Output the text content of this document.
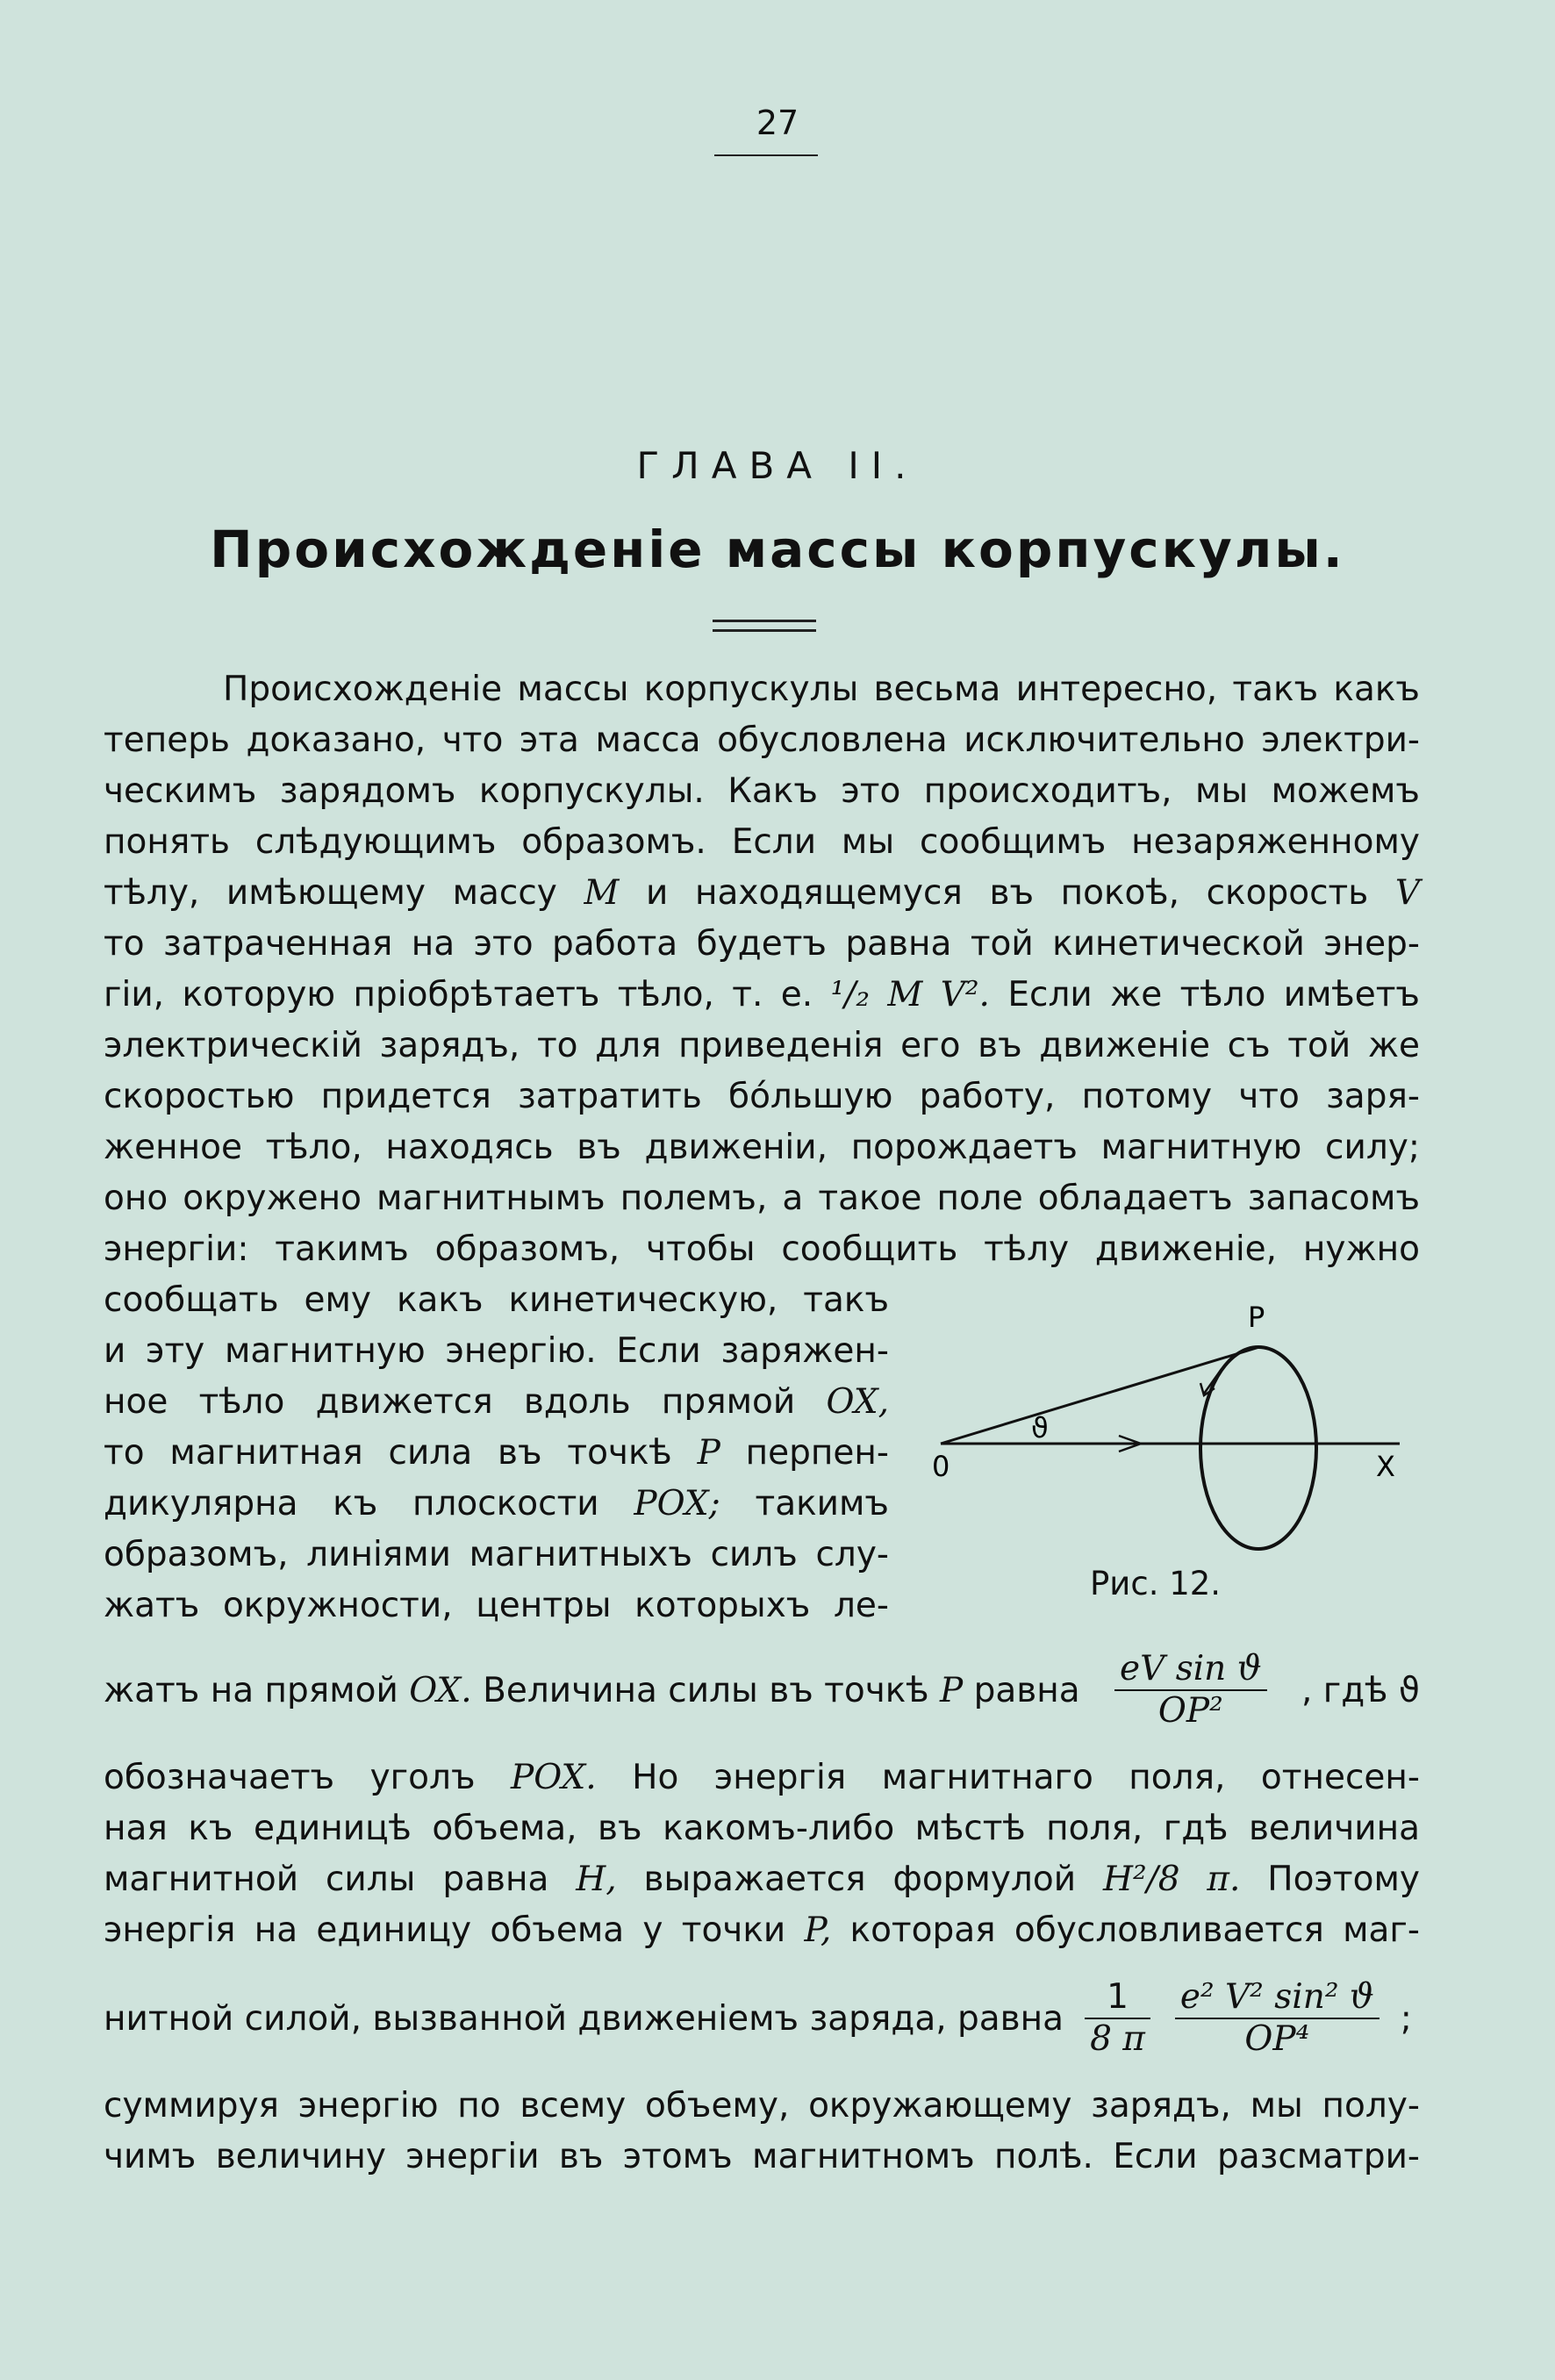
27
ГЛАВА II.
Происхожденіе массы корпускулы.
Происхожденіе массы корпускулы весьма интересно, такъ какъ
теперь доказано, что эта масса обусловлена исключительно электри-
ческимъ зарядомъ корпускулы. Какъ это происходитъ, мы можемъ
понять слѣдующимъ образомъ. Если мы сообщимъ незаряженному
тѣлу, имѣющему массу M и находящемуся въ покоѣ, скорость V
то затраченная на это работа будетъ равна той кинетической энер-
гіи, которую пріобрѣтаетъ тѣло, т. е. ¹/₂ M V². Если же тѣло имѣетъ
электрическій зарядъ, то для приведенія его въ движеніе съ той же
скоростью придется затратить бóльшую работу, потому что заря-
женное тѣло, находясь въ движеніи, порождаетъ магнитную силу;
оно окружено магнитнымъ полемъ, а такое поле обладаетъ запасомъ
энергіи: такимъ образомъ, чтобы сообщить тѣлу движеніе, нужно
сообщать ему какъ кинетическую, такъ
и эту магнитную энергію. Если заряжен-
ное тѣло движется вдоль прямой OX,
то магнитная сила въ точкѣ P перпен-
дикулярна къ плоскости POX; такимъ
образомъ, линіями магнитныхъ силъ слу-
жатъ окружности, центры которыхъ ле-
P
0	X
ϑ
Рис. 12.
жатъ на прямой OX. Величина силы въ точкѣ P равна $\frac{\text{eV sin ϑ}}{\text{OP²}}$ , гдѣ ϑ
обозначаетъ уголъ POX. Но энергія магнитнаго поля, отнесен-
ная къ единицѣ объема, въ какомъ-либо мѣстѣ поля, гдѣ величина
магнитной силы равна H, выражается формулой H²/8 π. Поэтому
энергія на единицу объема у точки P, которая обусловливается маг-
нитной силой, вызванной движеніемъ заряда, равна $\frac{1}{8 \pi} \frac{\text{e² V² sin² ϑ}}{\text{OP⁴}}$ ;
суммируя энергію по всему объему, окружающему зарядъ, мы полу-
чимъ величину энергіи въ этомъ магнитномъ полѣ. Если разсматри-
